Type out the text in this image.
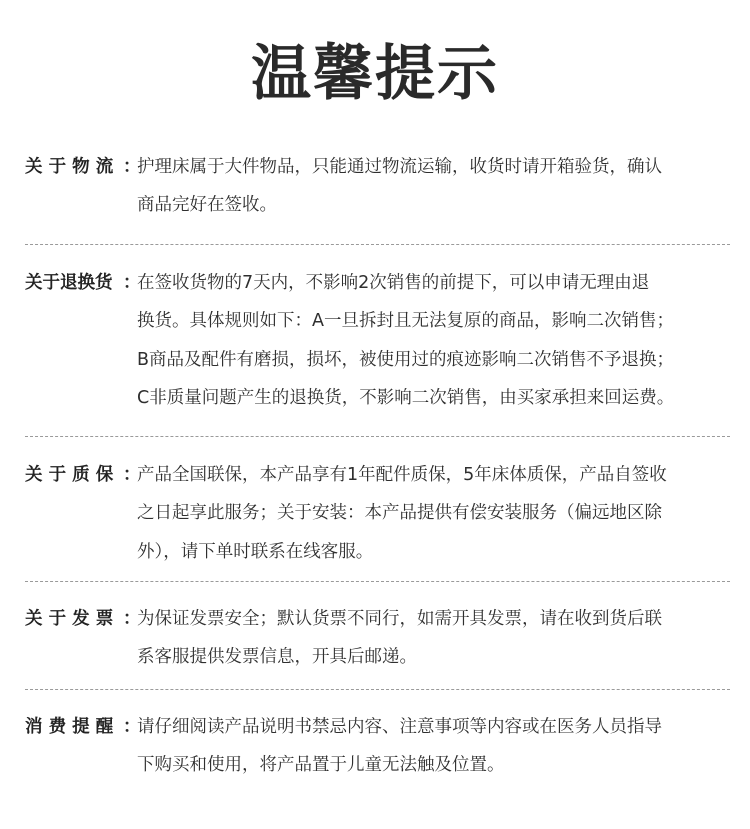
温馨提示
关 于 物 流 ：
护理床属于大件物品，只能通过物流运输，收货时请开箱验货，确认
商品完好在签收。
关于退换货 ：
在签收货物的7天内，不影响2次销售的前提下，可以申请无理由退
换货。具体规则如下：A一旦拆封且无法复原的商品，影响二次销售；
B商品及配件有磨损，损坏，被使用过的痕迹影响二次销售不予退换；
C非质量问题产生的退换货，不影响二次销售，由买家承担来回运费。
关 于 质 保 ：
产品全国联保，本产品享有1年配件质保，5年床体质保，产品自签收
之日起享此服务；关于安装：本产品提供有偿安装服务（偏远地区除
外），请下单时联系在线客服。
关 于 发 票 ：
为保证发票安全；默认货票不同行，如需开具发票，请在收到货后联
系客服提供发票信息，开具后邮递。
消 费 提 醒 ：
请仔细阅读产品说明书禁忌内容、注意事项等内容或在医务人员指导
下购买和使用，将产品置于儿童无法触及位置。
